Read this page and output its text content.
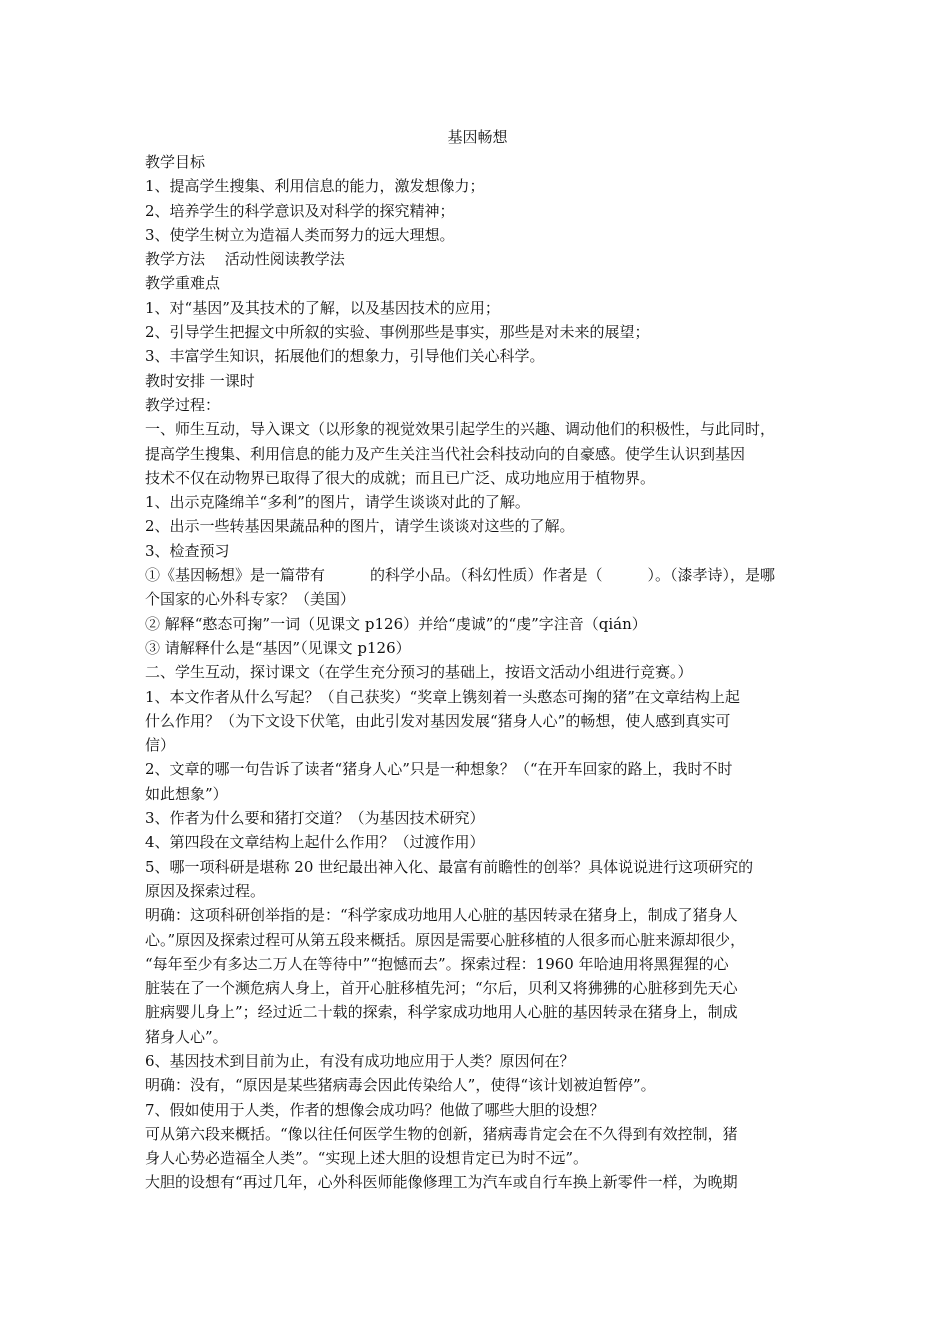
基因畅想
教学目标
1、提高学生搜集、利用信息的能力，激发想像力；
2、培养学生的科学意识及对科学的探究精神；
3、使学生树立为造福人类而努力的远大理想。
教学方法　 活动性阅读教学法
教学重难点
1、对“基因”及其技术的了解，以及基因技术的应用；
2、引导学生把握文中所叙的实验、事例那些是事实，那些是对未来的展望；
3、丰富学生知识，拓展他们的想象力，引导他们关心科学。
教时安排 一课时
教学过程：
一、师生互动，导入课文（以形象的视觉效果引起学生的兴趣、调动他们的积极性，与此同时，
提高学生搜集、利用信息的能力及产生关注当代社会科技动向的自豪感。使学生认识到基因
技术不仅在动物界已取得了很大的成就；而且已广泛、成功地应用于植物界。
1、出示克隆绵羊“多利”的图片，请学生谈谈对此的了解。
2、出示一些转基因果蔬品种的图片，请学生谈谈对这些的了解。
3、检查预习
①《基因畅想》是一篇带有　　　的科学小品。（科幻性质）作者是（　　　）。（漆孝诗），是哪
个国家的心外科专家？（美国）
② 解释“憨态可掬”一词（见课文 p126）并给“虔诚”的“虔”字注音（qián）
③ 请解释什么是“基因”（见课文 p126）
二、学生互动，探讨课文（在学生充分预习的基础上，按语文活动小组进行竞赛。）
1、本文作者从什么写起？（自己获奖）“奖章上镌刻着一头憨态可掬的猪”在文章结构上起
什么作用？（为下文设下伏笔，由此引发对基因发展“猪身人心”的畅想，使人感到真实可
信）
2、文章的哪一句告诉了读者“猪身人心”只是一种想象？（“在开车回家的路上，我时不时
如此想象”）
3、作者为什么要和猪打交道？（为基因技术研究）
4、第四段在文章结构上起什么作用？（过渡作用）
5、哪一项科研是堪称 20 世纪最出神入化、最富有前瞻性的创举？具体说说进行这项研究的
原因及探索过程。
明确：这项科研创举指的是：“科学家成功地用人心脏的基因转录在猪身上，制成了猪身人
心。”原因及探索过程可从第五段来概括。原因是需要心脏移植的人很多而心脏来源却很少，
“每年至少有多达二万人在等待中”“抱憾而去”。探索过程：1960 年哈迪用将黑猩猩的心
脏装在了一个濒危病人身上，首开心脏移植先河；“尔后，贝利又将狒狒的心脏移到先天心
脏病婴儿身上”；经过近二十载的探索，科学家成功地用人心脏的基因转录在猪身上，制成
猪身人心”。
6、基因技术到目前为止，有没有成功地应用于人类？原因何在？
明确：没有，“原因是某些猪病毒会因此传染给人”，使得“该计划被迫暂停”。
7、假如使用于人类，作者的想像会成功吗？他做了哪些大胆的设想？
可从第六段来概括。“像以往任何医学生物的创新，猪病毒肯定会在不久得到有效控制，猪
身人心势必造福全人类”。“实现上述大胆的设想肯定已为时不远”。
大胆的设想有“再过几年，心外科医师能像修理工为汽车或自行车换上新零件一样，为晚期
